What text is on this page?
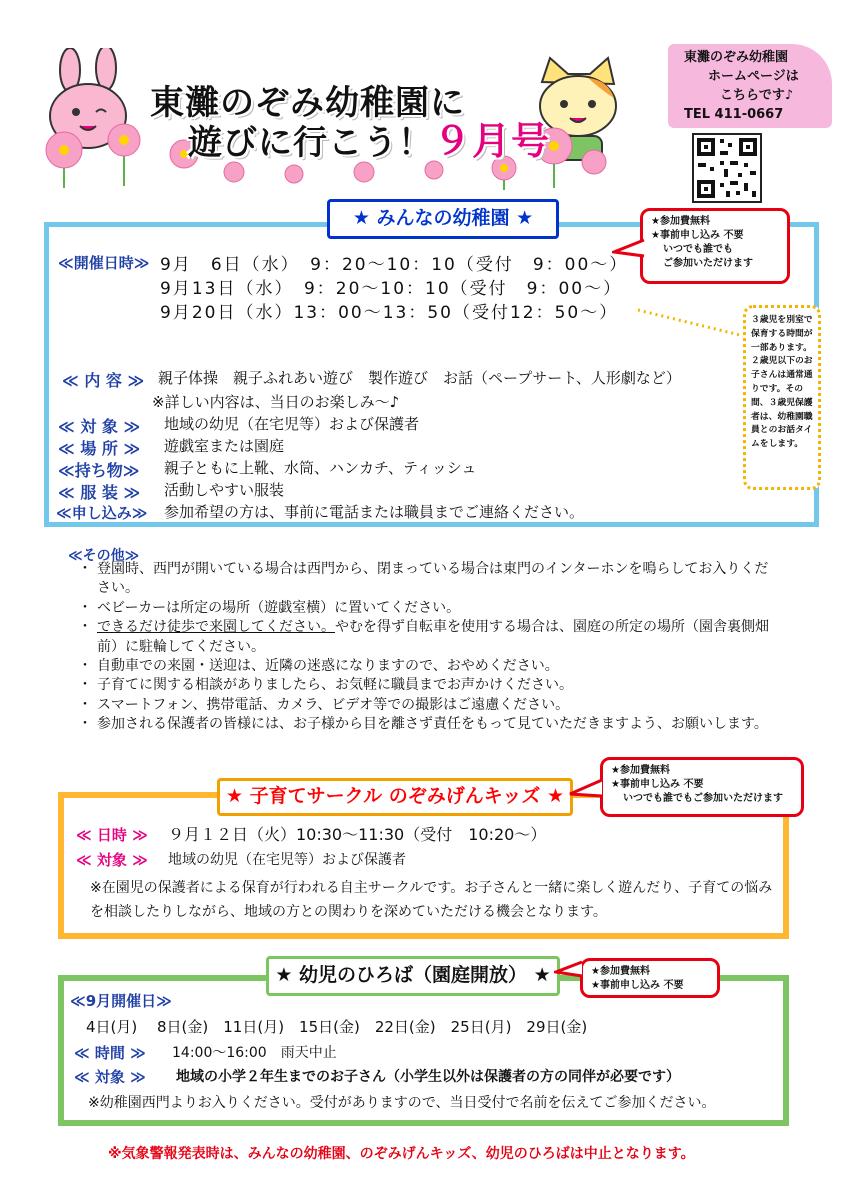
東灘のぞみ幼稚園に
遊びに行こう！９月号
東灘のぞみ幼稚園
ホームページは
こちらです♪
TEL 411-0667
★ みんなの幼稚園 ★	★参加費無料
★事前申し込み 不要
いつでも誰でも
ご参加いただけます
≪開催日時≫ 9月　6日（水）　9：20～10：10（受付　9：00～）
9月13日（水）　9：20～10：10（受付　9：00～）
9月20日（水）13：00～13：50（受付12：50～）	３歳児を別室で保育する時間が一部あります。２歳児以下のお子さんは通常通りです。その間、３歳児保護者は、幼稚園職員とのお話タイムをします。
≪ 内 容 ≫ 親子体操　親子ふれあい遊び　製作遊び　お話（ペープサート、人形劇など）
※詳しい内容は、当日のお楽しみ～♪
≪ 対 象 ≫ 地域の幼児（在宅児等）および保護者
≪ 場 所 ≫ 遊戯室または園庭
≪持ち物≫ 親子ともに上靴、水筒、ハンカチ、ティッシュ
≪ 服 装 ≫ 活動しやすい服装
≪申し込み≫ 参加希望の方は、事前に電話または職員までご連絡ください。
≪その他≫
・ 登園時、西門が開いている場合は西門から、閉まっている場合は東門のインターホンを鳴らしてお入りください。
・ ベビーカーは所定の場所（遊戯室横）に置いてください。
・ できるだけ徒歩で来園してください。やむを得ず自転車を使用する場合は、園庭の所定の場所（園舎裏側畑前）に駐輪してください。
・ 自動車での来園・送迎は、近隣の迷惑になりますので、おやめください。
・ 子育てに関する相談がありましたら、お気軽に職員までお声かけください。
・ スマートフォン、携帯電話、カメラ、ビデオ等での撮影はご遠慮ください。
・ 参加される保護者の皆様には、お子様から目を離さず責任をもって見ていただきますよう、お願いします。
★ 子育てサークル のぞみげんキッズ ★
★参加費無料
★事前申し込み 不要
いつでも誰でもご参加いただけます
≪ 日時 ≫ ９月１２日（火）10:30～11:30（受付　10:20～）
≪ 対象 ≫ 地域の幼児（在宅児等）および保護者
※在園児の保護者による保育が行われる自主サークルです。お子さんと一緒に楽しく遊んだり、子育ての悩みを相談したりしながら、地域の方との関わりを深めていただける機会となります。
★ 幼児のひろば（園庭開放） ★	★参加費無料
★事前申し込み 不要
≪9月開催日≫
4日(月)　 8日(金)　11日(月)　15日(金)　22日(金)　25日(月)　29日(金)
≪ 時間 ≫ 14:00～16:00　雨天中止
≪ 対象 ≫ 地域の小学２年生までのお子さん（小学生以外は保護者の方の同伴が必要です）
※幼稚園西門よりお入りください。受付がありますので、当日受付で名前を伝えてご参加ください。
※気象警報発表時は、みんなの幼稚園、のぞみげんキッズ、幼児のひろばは中止となります。
